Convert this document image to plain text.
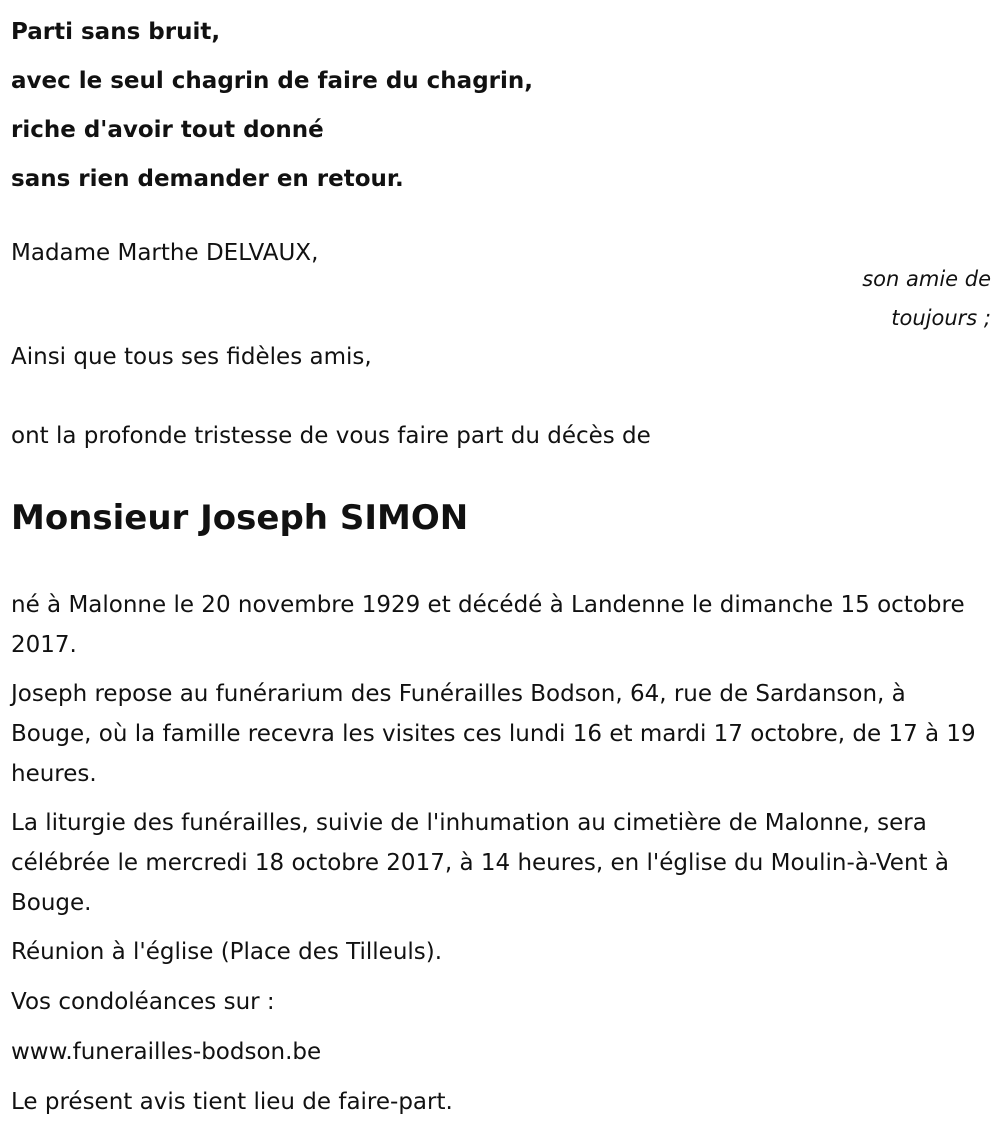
Parti sans bruit,

avec le seul chagrin de faire du chagrin,

riche d'avoir tout donné

sans rien demander en retour.

Madame Marthe DELVAUX,

son amie de toujours ;

Ainsi que tous ses fidèles amis,

ont la profonde tristesse de vous faire part du décès de

Monsieur Joseph SIMON

né à Malonne le 20 novembre 1929 et décédé à Landenne le dimanche 15 octobre 2017.

Joseph repose au funérarium des Funérailles Bodson, 64, rue de Sardanson, à Bouge, où la famille recevra les visites ces lundi 16 et mardi 17 octobre, de 17 à 19 heures.

La liturgie des funérailles, suivie de l'inhumation au cimetière de Malonne, sera célébrée le mercredi 18 octobre 2017, à 14 heures, en l'église du Moulin-à-Vent à Bouge.

Réunion à l'église (Place des Tilleuls).

Vos condoléances sur :

www.funerailles-bodson.be

Le présent avis tient lieu de faire-part.
